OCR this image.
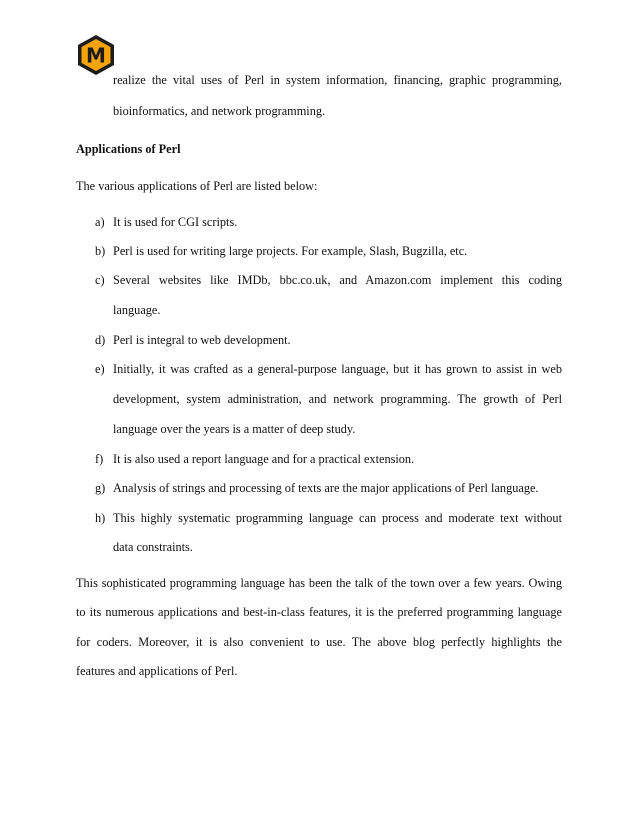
M
realize the vital uses of Perl in system information, financing, graphic programming,
bioinformatics, and network programming.
Applications of Perl
The various applications of Perl are listed below:
a) It is used for CGI scripts.
b) Perl is used for writing large projects. For example, Slash, Bugzilla, etc.
c) Several websites like IMDb, bbc.co.uk, and Amazon.com implement this coding
language.
d) Perl is integral to web development.
e) Initially, it was crafted as a general-purpose language, but it has grown to assist in web
development, system administration, and network programming. The growth of Perl
language over the years is a matter of deep study.
f) It is also used a report language and for a practical extension.
g) Analysis of strings and processing of texts are the major applications of Perl language.
h) This highly systematic programming language can process and moderate text without
data constraints.
This sophisticated programming language has been the talk of the town over a few years. Owing
to its numerous applications and best-in-class features, it is the preferred programming language
for coders. Moreover, it is also convenient to use. The above blog perfectly highlights the
features and applications of Perl.
